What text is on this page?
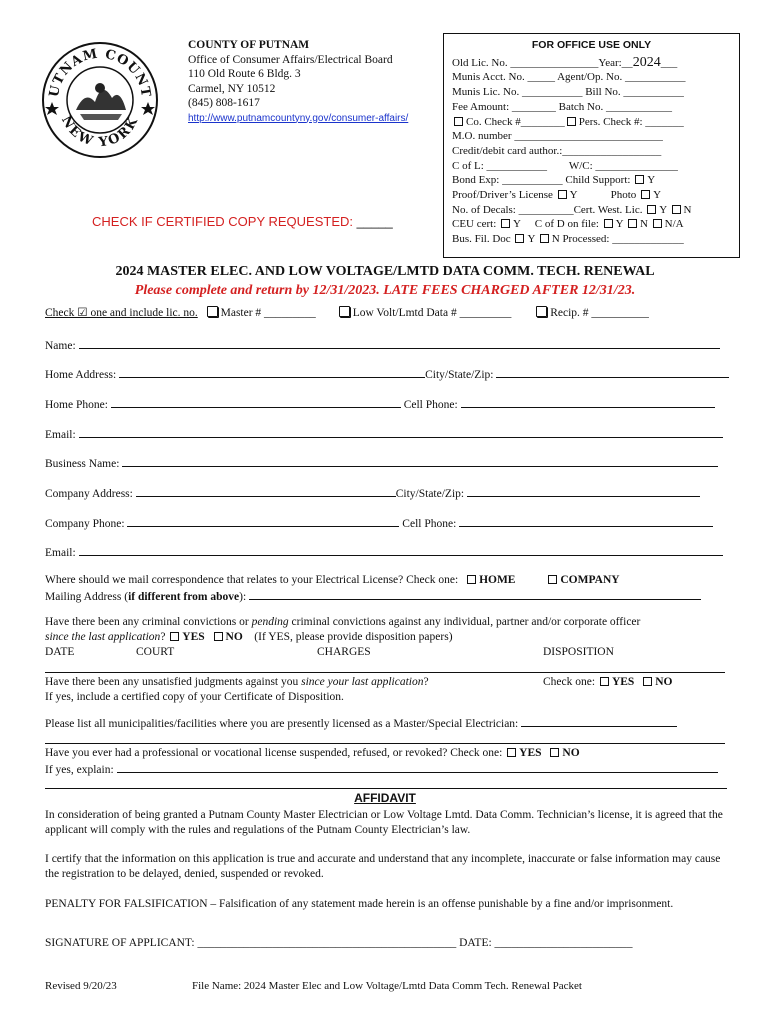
UTNAM COUNT
NEW YORK
COUNTY OF PUTNAM
Office of Consumer Affairs/Electrical Board
110 Old Route 6 Bldg. 3
Carmel, NY 10512
(845) 808-1617
http://www.putnamcountyny.gov/consumer-affairs/
CHECK IF CERTIFIED COPY REQUESTED: _____
FOR OFFICE USE ONLY
Old Lic. No. ________________Year:__2024___
Munis Acct. No. _____ Agent/Op. No. ___________
Munis Lic. No. ___________ Bill No. ___________
Fee Amount: ________ Batch No. ____________
Co. Check #________ Pers. Check #: _______
M.O. number ___________________________
Credit/debit card author.:__________________
C of L: ___________        W/C: _______________
Bond Exp: ___________ Child Support: Y
Proof/Driver’s License Y	Photo Y
No. of Decals: __________Cert. West. Lic. Y N
CEU cert: Y C of D on file: Y N N/A
Bus. Fil. Doc Y N Processed: _____________
2024 MASTER ELEC. AND LOW VOLTAGE/LMTD DATA COMM. TECH. RENEWAL
Please complete and return by 12/31/2023. LATE FEES CHARGED AFTER 12/31/23.
Check ☑ one and include lic. no. Master # _________	Low Volt/Lmtd Data # _________	Recip. # __________
Name:
Home Address:	City/State/Zip:
Home Phone:	Cell Phone:
Email:
Business Name:
Company Address:	City/State/Zip:
Company Phone:	Cell Phone:
Email:
Where should we mail correspondence that relates to your Electrical License? Check one: HOME	COMPANY
Mailing Address (if different from above):
Have there been any criminal convictions or pending criminal convictions against any individual, partner and/or corporate officer
since the last application? YES NO (If YES, please provide disposition papers)
DATE	COURT	CHARGES	DISPOSITION
Have there been any unsatisfied judgments against you since your last application?	Check one: YES NO
If yes, include a certified copy of your Certificate of Disposition.
Please list all municipalities/facilities where you are presently licensed as a Master/Special Electrician:
Have you ever had a professional or vocational license suspended, refused, or revoked? Check one: YES NO
If yes, explain:
AFFIDAVIT
In consideration of being granted a Putnam County Master Electrician or Low Voltage Lmtd. Data Comm. Technician’s license, it is agreed that the applicant will comply with the rules and regulations of the Putnam County Electrician’s law.
I certify that the information on this application is true and accurate and understand that any incomplete, inaccurate or false information may cause the registration to be delayed, denied, suspended or revoked.
PENALTY FOR FALSIFICATION – Falsification of any statement made herein is an offense punishable by a fine and/or imprisonment.
SIGNATURE OF APPLICANT: _____________________________________________ DATE: ________________________
Revised 9/20/23	File Name: 2024 Master Elec and Low Voltage/Lmtd Data Comm Tech. Renewal Packet
